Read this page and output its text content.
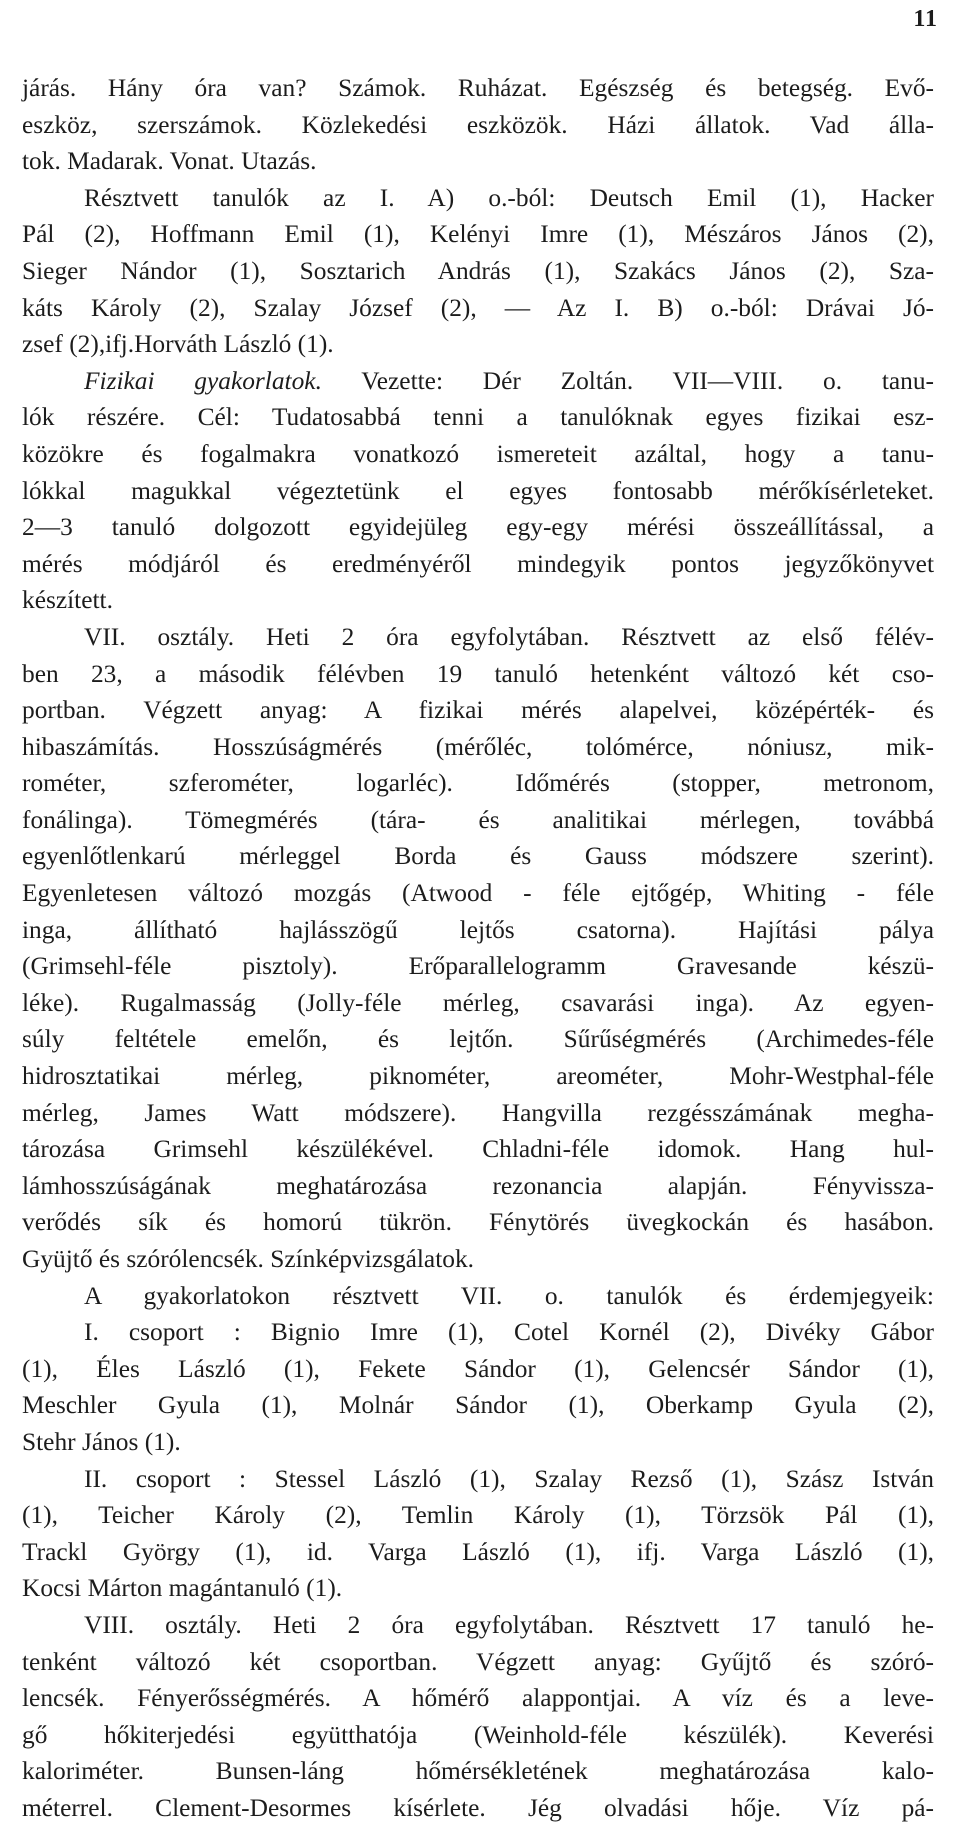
11
járás. Hány óra van? Számok. Ruházat. Egészség és betegség. Evő-
eszköz, szerszámok. Közlekedési eszközök. Házi állatok. Vad álla-
tok. Madarak. Vonat. Utazás.
Résztvett tanulók az I. A) o.-ból: Deutsch Emil (1), Hacker
Pál (2), Hoffmann Emil (1), Kelényi Imre (1), Mészáros János (2),
Sieger Nándor (1), Sosztarich András (1), Szakács János (2), Sza-
káts Károly (2), Szalay József (2), — Az I. B) o.-ból: Drávai Jó-
zsef (2),ifj.Horváth László (1).
Fizikai gyakorlatok. Vezette: Dér Zoltán. VII—VIII. o. tanu-
lók részére. Cél: Tudatosabbá tenni a tanulóknak egyes fizikai esz-
közökre és fogalmakra vonatkozó ismereteit azáltal, hogy a tanu-
lókkal magukkal végeztetünk el egyes fontosabb mérőkísérleteket.
2—3 tanuló dolgozott egyidejüleg egy-egy mérési összeállítással, a
mérés módjáról és eredményéről mindegyik pontos jegyzőkönyvet
készített.
VII. osztály. Heti 2 óra egyfolytában. Résztvett az első félév-
ben 23, a második félévben 19 tanuló hetenként változó két cso-
portban. Végzett anyag: A fizikai mérés alapelvei, középérték- és
hibaszámítás. Hosszúságmérés (mérőléc, tolómérce, nóniusz, mik-
rométer, szferométer, logarléc). Időmérés (stopper, metronom,
fonálinga). Tömegmérés (tára- és analitikai mérlegen, továbbá
egyenlőtlenkarú mérleggel Borda és Gauss módszere szerint).
Egyenletesen változó mozgás (Atwood - féle ejtőgép, Whiting - féle
inga, állítható hajlásszögű lejtős csatorna). Hajítási pálya
(Grimsehl-féle pisztoly). Erőparallelogramm Gravesande készü-
léke). Rugalmasság (Jolly-féle mérleg, csavarási inga). Az egyen-
súly feltétele emelőn, és lejtőn. Sűrűségmérés (Archimedes-féle
hidrosztatikai mérleg, piknométer, areométer, Mohr-Westphal-féle
mérleg, James Watt módszere). Hangvilla rezgésszámának megha-
tározása Grimsehl készülékével. Chladni-féle idomok. Hang hul-
lámhosszúságának meghatározása rezonancia alapján. Fényvissza-
verődés sík és homorú tükrön. Fénytörés üvegkockán és hasábon.
Gyüjtő és szórólencsék. Színképvizsgálatok.
A gyakorlatokon résztvett VII. o. tanulók és érdemjegyeik:
I. csoport : Bignio Imre (1), Cotel Kornél (2), Divéky Gábor
(1), Éles László (1), Fekete Sándor (1), Gelencsér Sándor (1),
Meschler Gyula (1), Molnár Sándor (1), Oberkamp Gyula (2),
Stehr János (1).
II. csoport : Stessel László (1), Szalay Rezső (1), Szász István
(1), Teicher Károly (2), Temlin Károly (1), Törzsök Pál (1),
Trackl György (1), id. Varga László (1), ifj. Varga László (1),
Kocsi Márton magántanuló (1).
VIII. osztály. Heti 2 óra egyfolytában. Résztvett 17 tanuló he-
tenként változó két csoportban. Végzett anyag: Gyűjtő és szóró-
lencsék. Fényerősségmérés. A hőmérő alappontjai. A víz és a leve-
gő hőkiterjedési együtthatója (Weinhold-féle készülék). Keverési
kaloriméter. Bunsen-láng hőmérsékletének meghatározása kalo-
méterrel. Clement-Desormes kísérlete. Jég olvadási hője. Víz pá-
